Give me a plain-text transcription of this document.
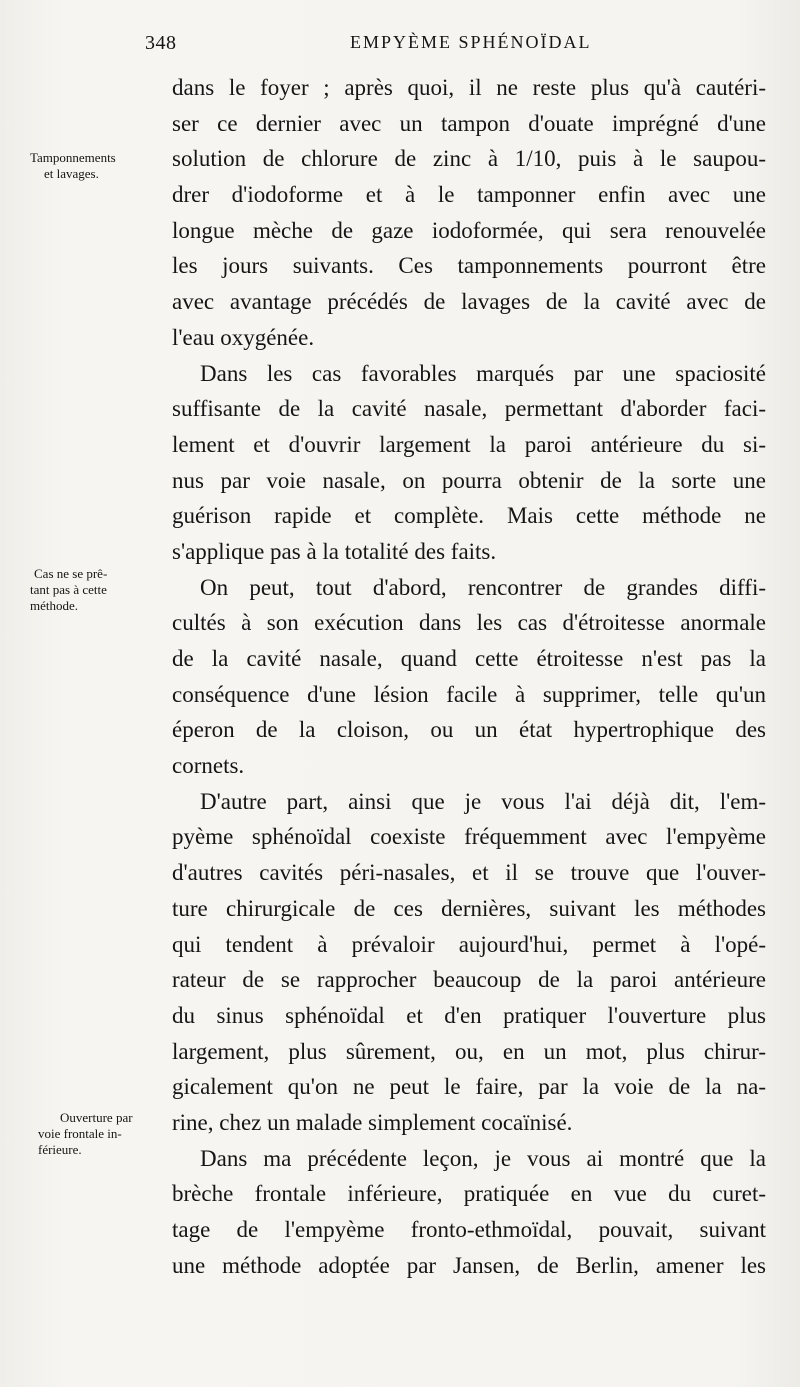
348	EMPYÈME SPHÉNOÏDAL
Tamponnements
et lavages.
Cas ne se prê-
tant pas à cette
méthode.
Ouverture par
voie frontale in-
férieure.
dans le foyer ; après quoi, il ne reste plus qu'à cautéri-
ser ce dernier avec un tampon d'ouate imprégné d'une
solution de chlorure de zinc à 1/10, puis à le saupou-
drer d'iodoforme et à le tamponner enfin avec une
longue mèche de gaze iodoformée, qui sera renouvelée
les jours suivants. Ces tamponnements pourront être
avec avantage précédés de lavages de la cavité avec de
l'eau oxygénée.
Dans les cas favorables marqués par une spaciosité
suffisante de la cavité nasale, permettant d'aborder faci-
lement et d'ouvrir largement la paroi antérieure du si-
nus par voie nasale, on pourra obtenir de la sorte une
guérison rapide et complète. Mais cette méthode ne
s'applique pas à la totalité des faits.
On peut, tout d'abord, rencontrer de grandes diffi-
cultés à son exécution dans les cas d'étroitesse anormale
de la cavité nasale, quand cette étroitesse n'est pas la
conséquence d'une lésion facile à supprimer, telle qu'un
éperon de la cloison, ou un état hypertrophique des
cornets.
D'autre part, ainsi que je vous l'ai déjà dit, l'em-
pyème sphénoïdal coexiste fréquemment avec l'empyème
d'autres cavités péri-nasales, et il se trouve que l'ouver-
ture chirurgicale de ces dernières, suivant les méthodes
qui tendent à prévaloir aujourd'hui, permet à l'opé-
rateur de se rapprocher beaucoup de la paroi antérieure
du sinus sphénoïdal et d'en pratiquer l'ouverture plus
largement, plus sûrement, ou, en un mot, plus chirur-
gicalement qu'on ne peut le faire, par la voie de la na-
rine, chez un malade simplement cocaïnisé.
Dans ma précédente leçon, je vous ai montré que la
brèche frontale inférieure, pratiquée en vue du curet-
tage de l'empyème fronto-ethmoïdal, pouvait, suivant
une méthode adoptée par Jansen, de Berlin, amener les
